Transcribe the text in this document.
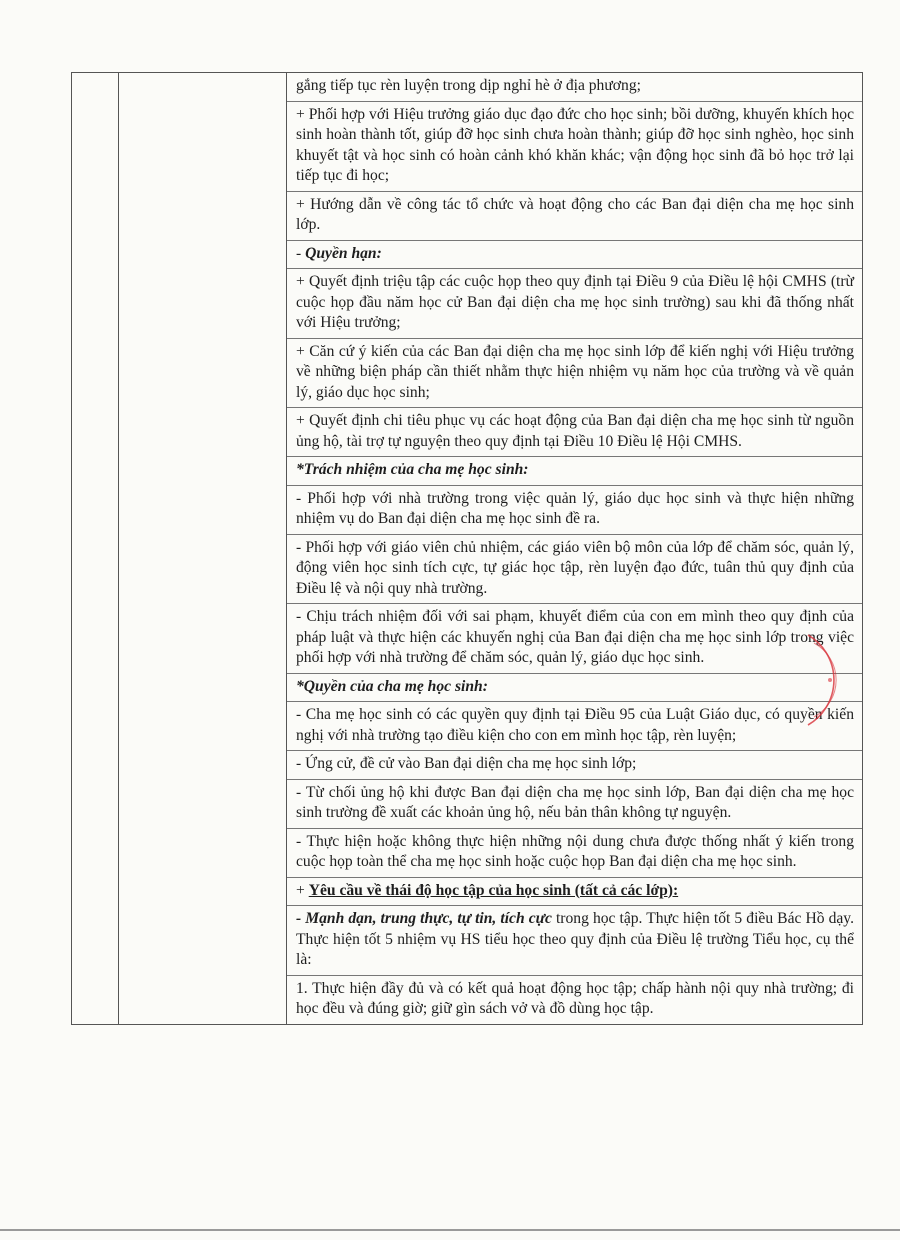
gắng tiếp tục rèn luyện trong dịp nghỉ hè ở địa phương;
+ Phối hợp với Hiệu trưởng giáo dục đạo đức cho học sinh; bồi dưỡng, khuyến khích học sinh hoàn thành tốt, giúp đỡ học sinh chưa hoàn thành; giúp đỡ học sinh nghèo, học sinh khuyết tật và học sinh có hoàn cảnh khó khăn khác; vận động học sinh đã bỏ học trở lại tiếp tục đi học;
+ Hướng dẫn về công tác tổ chức và hoạt động cho các Ban đại diện cha mẹ học sinh lớp.
- Quyền hạn:
+ Quyết định triệu tập các cuộc họp theo quy định tại Điều 9 của Điều lệ hội CMHS (trừ cuộc họp đầu năm học cử Ban đại diện cha mẹ học sinh trường) sau khi đã thống nhất với Hiệu trưởng;
+ Căn cứ ý kiến của các Ban đại diện cha mẹ học sinh lớp để kiến nghị với Hiệu trưởng về những biện pháp cần thiết nhằm thực hiện nhiệm vụ năm học của trường và về quản lý, giáo dục học sinh;
+ Quyết định chi tiêu phục vụ các hoạt động của Ban đại diện cha mẹ học sinh từ nguồn ủng hộ, tài trợ tự nguyện theo quy định tại Điều 10 Điều lệ Hội CMHS.
*Trách nhiệm của cha mẹ học sinh:
- Phối hợp với nhà trường trong việc quản lý, giáo dục học sinh và thực hiện những nhiệm vụ do Ban đại diện cha mẹ học sinh đề ra.
- Phối hợp với giáo viên chủ nhiệm, các giáo viên bộ môn của lớp để chăm sóc, quản lý, động viên học sinh tích cực, tự giác học tập, rèn luyện đạo đức, tuân thủ quy định của Điều lệ và nội quy nhà trường.
- Chịu trách nhiệm đối với sai phạm, khuyết điểm của con em mình theo quy định của pháp luật và thực hiện các khuyến nghị của Ban đại diện cha mẹ học sinh lớp trong việc phối hợp với nhà trường để chăm sóc, quản lý, giáo dục học sinh.
*Quyền của cha mẹ học sinh:
- Cha mẹ học sinh có các quyền quy định tại Điều 95 của Luật Giáo dục, có quyền kiến nghị với nhà trường tạo điều kiện cho con em mình học tập, rèn luyện;
- Ứng cử, đề cử vào Ban đại diện cha mẹ học sinh lớp;
- Từ chối ủng hộ khi được Ban đại diện cha mẹ học sinh lớp, Ban đại diện cha mẹ học sinh trường đề xuất các khoản ủng hộ, nếu bản thân không tự nguyện.
- Thực hiện hoặc không thực hiện những nội dung chưa được thống nhất ý kiến trong cuộc họp toàn thể cha mẹ học sinh hoặc cuộc họp Ban đại diện cha mẹ học sinh.
+ Yêu cầu về thái độ học tập của học sinh (tất cả các lớp):
- Mạnh dạn, trung thực, tự tin, tích cực trong học tập. Thực hiện tốt 5 điều Bác Hồ dạy. Thực hiện tốt 5 nhiệm vụ HS tiểu học theo quy định của Điều lệ trường Tiểu học, cụ thể là:
1. Thực hiện đầy đủ và có kết quả hoạt động học tập; chấp hành nội quy nhà trường; đi học đều và đúng giờ; giữ gìn sách vở và đồ dùng học tập.
